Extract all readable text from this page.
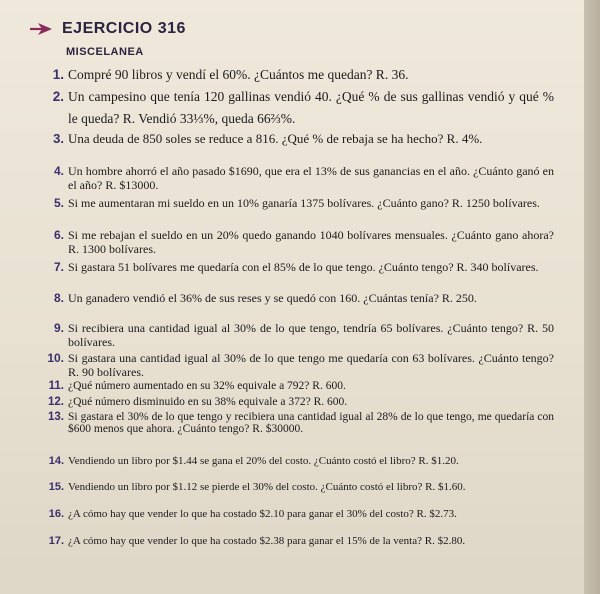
EJERCICIO 316
MISCELANEA
1. Compré 90 libros y vendí el 60%. ¿Cuántos me quedan? R. 36.
2. Un campesino que tenía 120 gallinas vendió 40. ¿Qué % de sus gallinas vendió y qué % le queda? R. Vendió 33⅓%, queda 66⅔%.
3. Una deuda de 850 soles se reduce a 816. ¿Qué % de rebaja se ha hecho? R. 4%.
4. Un hombre ahorró el año pasado $1690, que era el 13% de sus ganancias en el año. ¿Cuánto ganó en el año? R. $13000.
5. Si me aumentaran mi sueldo en un 10% ganaría 1375 bolívares. ¿Cuánto gano? R. 1250 bolívares.
6. Si me rebajan el sueldo en un 20% quedo ganando 1040 bolívares mensuales. ¿Cuánto gano ahora? R. 1300 bolívares.
7. Si gastara 51 bolívares me quedaría con el 85% de lo que tengo. ¿Cuánto tengo? R. 340 bolívares.
8. Un ganadero vendió el 36% de sus reses y se quedó con 160. ¿Cuántas tenía? R. 250.
9. Si recibiera una cantidad igual al 30% de lo que tengo, tendría 65 bolívares. ¿Cuánto tengo? R. 50 bolívares.
10. Si gastara una cantidad igual al 30% de lo que tengo me quedaría con 63 bolívares. ¿Cuánto tengo? R. 90 bolívares.
11. ¿Qué número aumentado en su 32% equivale a 792? R. 600.
12. ¿Qué número disminuido en su 38% equivale a 372? R. 600.
13. Si gastara el 30% de lo que tengo y recibiera una cantidad igual al 28% de lo que tengo, me quedaría con $600 menos que ahora. ¿Cuánto tengo? R. $30000.
14. Vendiendo un libro por $1.44 se gana el 20% del costo. ¿Cuánto costó el libro? R. $1.20.
15. Vendiendo un libro por $1.12 se pierde el 30% del costo. ¿Cuánto costó el libro? R. $1.60.
16. ¿A cómo hay que vender lo que ha costado $2.10 para ganar el 30% del costo? R. $2.73.
17. ¿A cómo hay que vender lo que ha costado $2.38 para ganar el 15% de la venta? R. $2.80.
